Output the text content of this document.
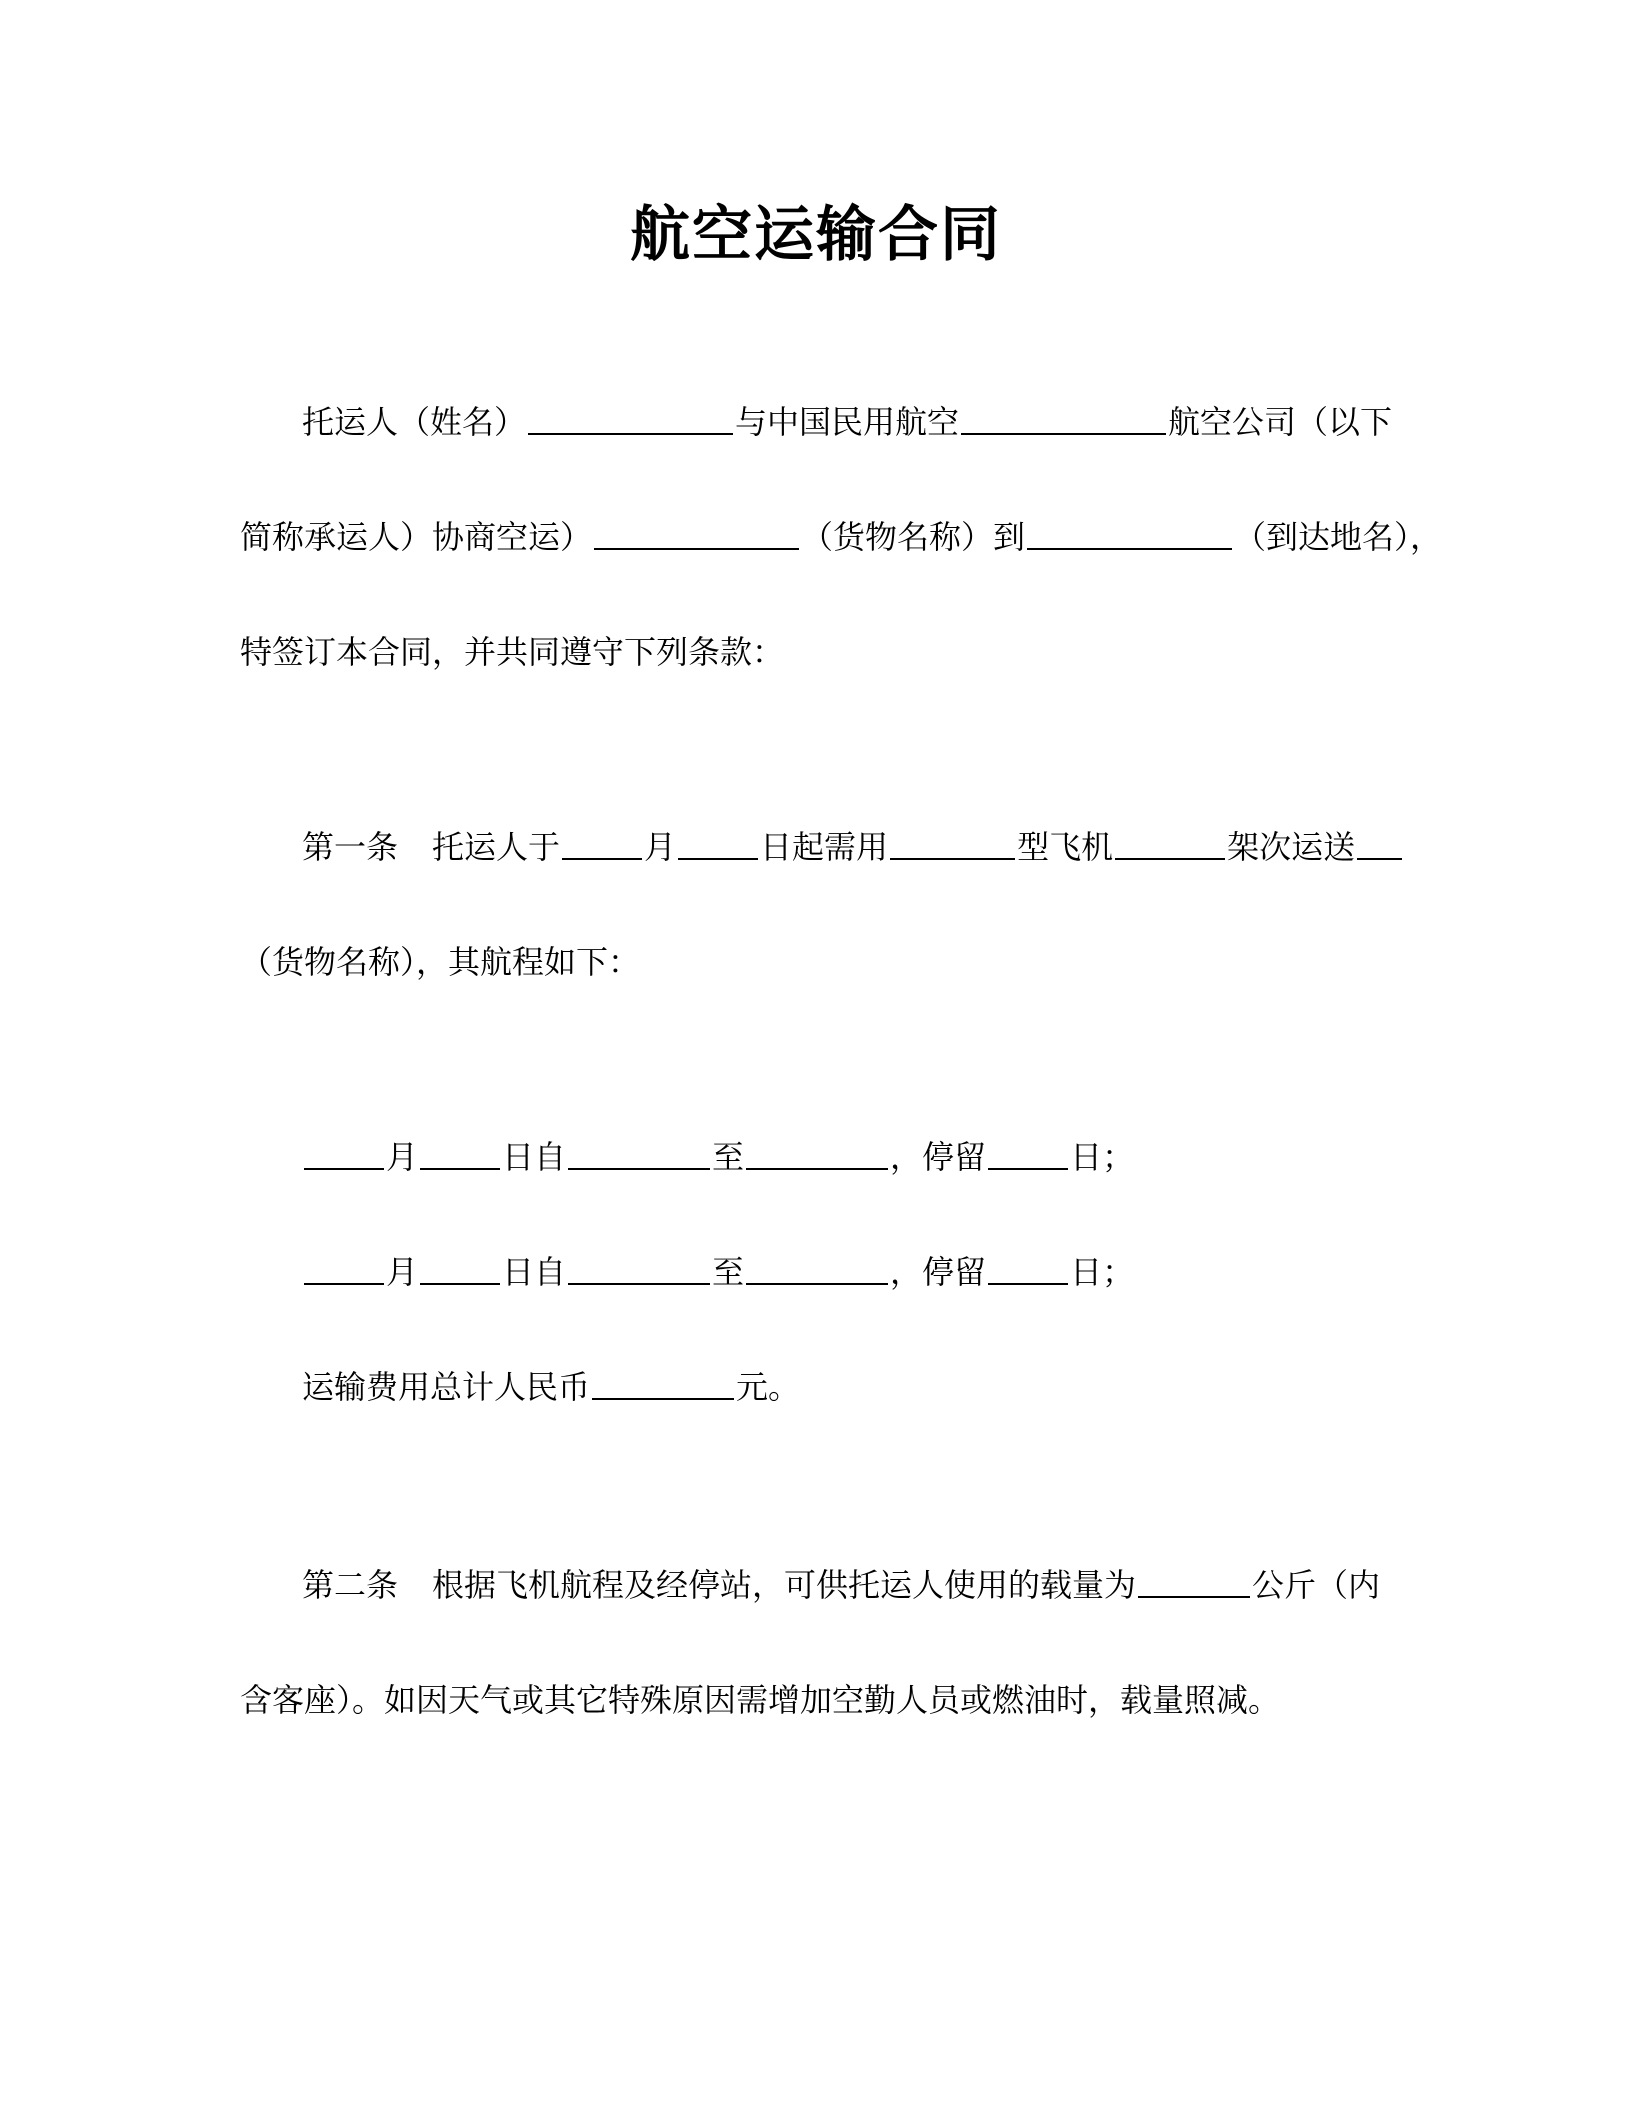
航空运输合同
托运人（姓名）	与中国民用航空	航空公司（以下
简称承运人）协商空运）	（货物名称）到	（到达地名），
特签订本合同，并共同遵守下列条款：
第一条 托运人于	月	日起需用	型飞机	架次运送
（货物名称），其航程如下：
月	日自	至	，停留	日；
月	日自	至	，停留	日；
运输费用总计人民币	元。
第二条 根据飞机航程及经停站，可供托运人使用的载量为	公斤（内
含客座）。如因天气或其它特殊原因需增加空勤人员或燃油时，载量照减。
